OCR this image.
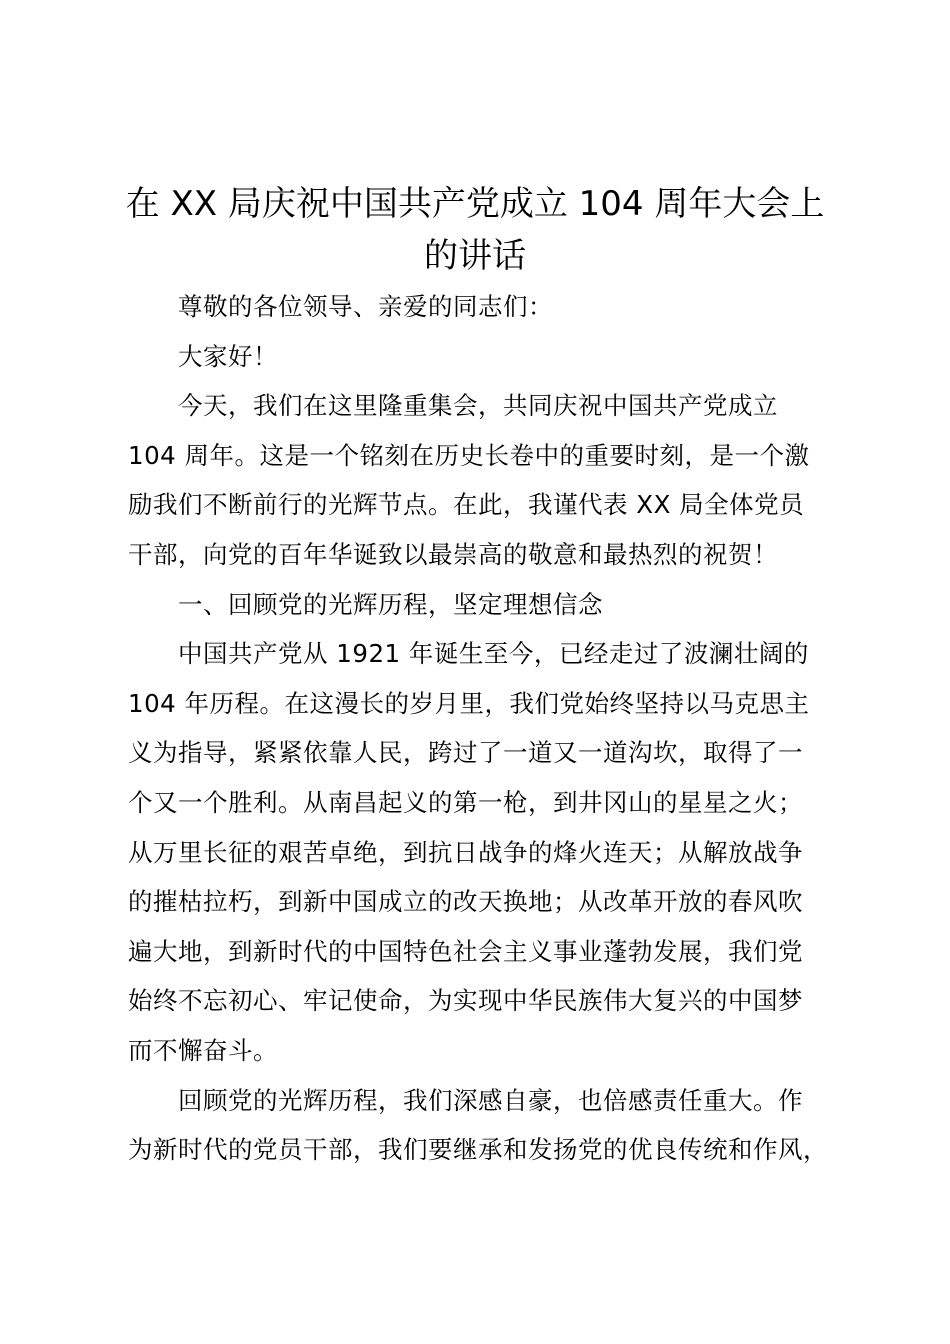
在 XX 局庆祝中国共产党成立 104 周年大会上
的讲话

尊敬的各位领导、亲爱的同志们：

大家好！

今天，我们在这里隆重集会，共同庆祝中国共产党成立
104 周年。这是一个铭刻在历史长卷中的重要时刻，是一个激
励我们不断前行的光辉节点。在此，我谨代表 XX 局全体党员
干部，向党的百年华诞致以最崇高的敬意和最热烈的祝贺！

一、回顾党的光辉历程，坚定理想信念

中国共产党从 1921 年诞生至今，已经走过了波澜壮阔的
104 年历程。在这漫长的岁月里，我们党始终坚持以马克思主
义为指导，紧紧依靠人民，跨过了一道又一道沟坎，取得了一
个又一个胜利。从南昌起义的第一枪，到井冈山的星星之火；
从万里长征的艰苦卓绝，到抗日战争的烽火连天；从解放战争
的摧枯拉朽，到新中国成立的改天换地；从改革开放的春风吹
遍大地，到新时代的中国特色社会主义事业蓬勃发展，我们党
始终不忘初心、牢记使命，为实现中华民族伟大复兴的中国梦
而不懈奋斗。

回顾党的光辉历程，我们深感自豪，也倍感责任重大。作
为新时代的党员干部，我们要继承和发扬党的优良传统和作风，
